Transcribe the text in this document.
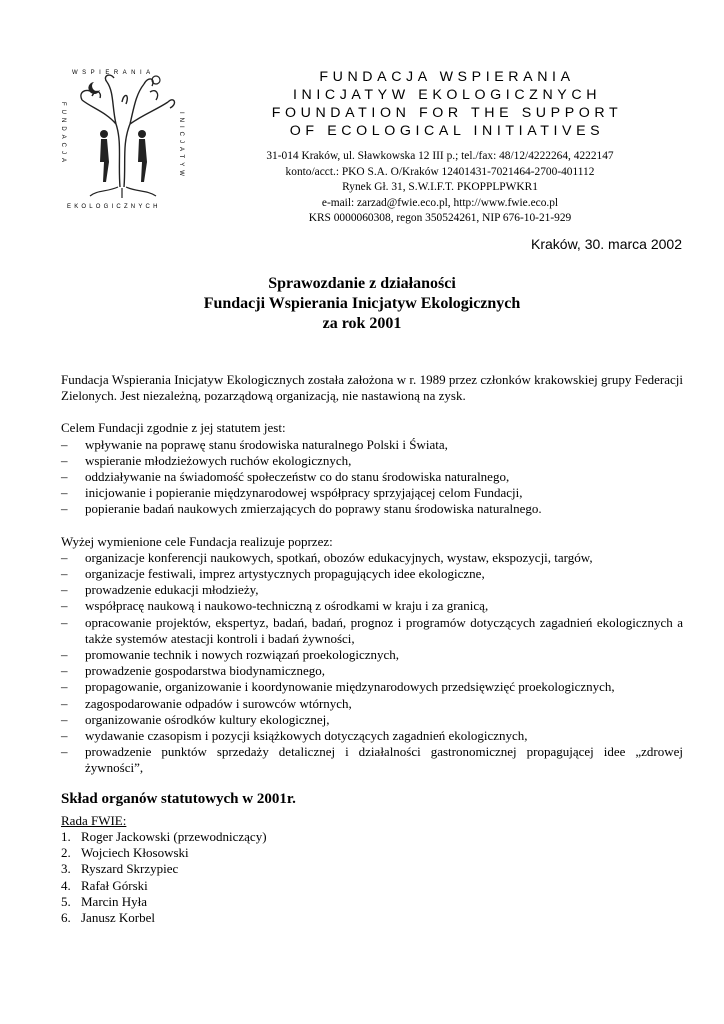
WSPIERANIA
FUNDACJA	INICJATYW
EKOLOGICZNYCH
FUNDACJA WSPIERANIA
INICJATYW EKOLOGICZNYCH
FOUNDATION FOR THE SUPPORT
OF ECOLOGICAL INITIATIVES
31-014 Kraków, ul. Sławkowska 12 III p.; tel./fax: 48/12/4222264, 4222147
konto/acct.: PKO S.A. O/Kraków 12401431-7021464-2700-401112
Rynek Gł. 31, S.W.I.F.T. PKOPPLPWKR1
e-mail: zarzad@fwie.eco.pl, http://www.fwie.eco.pl
KRS 0000060308, regon 350524261, NIP 676-10-21-929
Kraków, 30. marca 2002
Sprawozdanie z działaności
Fundacji Wspierania Inicjatyw Ekologicznych
za rok 2001

Fundacja Wspierania Inicjatyw Ekologicznych została założona w r. 1989 przez członków krakowskiej grupy Federacji Zielonych. Jest niezależną, pozarządową organizacją, nie nastawioną na zysk.

Celem Fundacji zgodnie z jej statutem jest:

– wpływanie na poprawę stanu środowiska naturalnego Polski i Świata,
– wspieranie młodzieżowych ruchów ekologicznych,
– oddziaływanie na świadomość społeczeństw co do stanu środowiska naturalnego,
– inicjowanie i popieranie międzynarodowej współpracy sprzyjającej celom Fundacji,
– popieranie badań naukowych zmierzających do poprawy stanu środowiska naturalnego.

Wyżej wymienione cele Fundacja realizuje poprzez:

– organizacje konferencji naukowych, spotkań, obozów edukacyjnych, wystaw, ekspozycji, targów,
– organizacje festiwali, imprez artystycznych propagujących idee ekologiczne,
– prowadzenie edukacji młodzieży,
– współpracę naukową i naukowo-techniczną z ośrodkami w kraju i za granicą,
– opracowanie projektów, ekspertyz, badań, badań, prognoz i programów dotyczących zagadnień ekologicznych a także systemów atestacji kontroli i badań żywności,
– promowanie technik i nowych rozwiązań proekologicznych,
– prowadzenie gospodarstwa biodynamicznego,
– propagowanie, organizowanie i koordynowanie międzynarodowych przedsięwzięć proekologicznych,
– zagospodarowanie odpadów i surowców wtórnych,
– organizowanie ośrodków kultury ekologicznej,
– wydawanie czasopism i pozycji książkowych dotyczących zagadnień ekologicznych,
– prowadzenie punktów sprzedaży detalicznej i działalności gastronomicznej propagującej idee „zdrowej żywności”,
Skład organów statutowych w 2001r.

Rada FWIE:

1. Roger Jackowski (przewodniczący)
2. Wojciech Kłosowski
3. Ryszard Skrzypiec
4. Rafał Górski
5. Marcin Hyła
6. Janusz Korbel
